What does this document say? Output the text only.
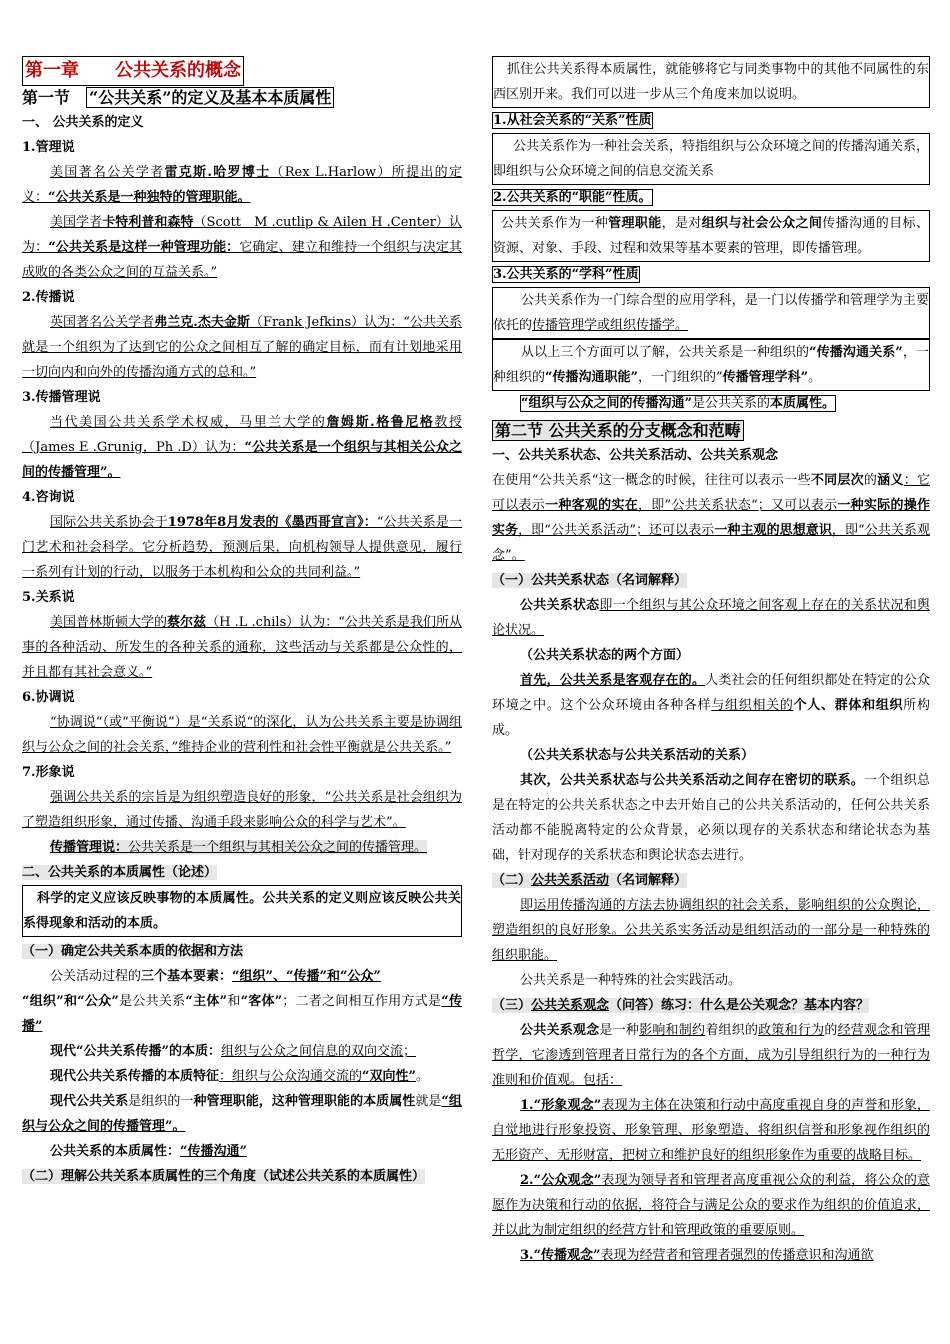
第一章　　公共关系的概念

第一节　“公共关系”的定义及基本本质属性

一、 公共关系的定义

1.管理说

美国著名公关学者雷克斯.哈罗博士（Rex L.Harlow）所提出的定义：“公共关系是一种独特的管理职能。

美国学者卡特利普和森特（Scott　M .cutlip & Ailen H .Center）认为：“公共关系是这样一种管理功能：它确定、建立和维持一个组织与决定其成败的各类公众之间的互益关系。”

2.传播说

英国著名公关学者弗兰克.杰夫金斯（Frank Jefkins）认为：“公共关系就是一个组织为了达到它的公众之间相互了解的确定目标，而有计划地采用一切向内和向外的传播沟通方式的总和。”

3.传播管理说

当代美国公共关系学术权威，马里兰大学的詹姆斯.格鲁尼格教授（James E .Grunig，Ph .D）认为：“公共关系是一个组织与其相关公众之间的传播管理”。

4.咨询说

国际公共关系协会于1978年8月发表的《墨西哥宣言》：“公共关系是一门艺术和社会科学。它分析趋势，预测后果，向机构领导人提供意见，履行一系列有计划的行动，以服务于本机构和公众的共同利益。”

5.关系说

美国普林斯顿大学的蔡尔兹（H .L .chils）认为：“公共关系是我们所从事的各种活动、所发生的各种关系的通称，这些活动与关系都是公众性的，并且都有其社会意义。”

6.协调说

“协调说“（或“平衡说”）是“关系说“的深化，认为公共关系主要是协调组织与公众之间的社会关系，”维持企业的营利性和社会性平衡就是公共关系。”

7.形象说

强调公共关系的宗旨是为组织塑造良好的形象，“公共关系是社会组织为了塑造组织形象，通过传播、沟通手段来影响公众的科学与艺术”。

传播管理说：公共关系是一个组织与其相关公众之间的传播管理。

二、公共关系的本质属性（论述）

科学的定义应该反映事物的本质属性。公共关系的定义则应该反映公共关系得现象和活动的本质。

（一）确定公共关系本质的依据和方法

公关活动过程的三个基本要素：“组织”、“传播”和“公众”

“组织”和“公众”是公共关系“主体”和“客体”；二者之间相互作用方式是“传播”

现代“公共关系传播”的本质：组织与公众之间信息的双向交流；

现代公共关系传播的本质特征：组织与公众沟通交流的“双向性”。

现代公共关系是组织的一种管理职能，这种管理职能的本质属性就是“组织与公众之间的传播管理”。

公共关系的本质属性：“传播沟通”

（二）理解公共关系本质属性的三个角度（试述公共关系的本质属性）

抓住公共关系得本质属性，就能够将它与同类事物中的其他不同属性的东西区别开来。我们可以进一步从三个角度来加以说明。

1.从社会关系的“关系”性质

公共关系作为一种社会关系，特指组织与公众环境之间的传播沟通关系，即组织与公众环境之间的信息交流关系

2.公共关系的“职能”性质。

公共关系作为一种管理职能，是对组织与社会公众之间传播沟通的目标、资源、对象、手段、过程和效果等基本要素的管理，即传播管理。

3.公共关系的“学科”性质

公共关系作为一门综合型的应用学科，是一门以传播学和管理学为主要依托的传播管理学或组织传播学。

从以上三个方面可以了解，公共关系是一种组织的“传播沟通关系”，一种组织的“传播沟通职能”，一门组织的”传播管理学科”。

“组织与公众之间的传播沟通”是公共关系的本质属性。

第二节 公共关系的分支概念和范畴

一、公共关系状态、公共关系活动、公共关系观念

在使用“公共关系“这一概念的时候，往往可以表示一些不同层次的涵义：它可以表示一种客观的实在，即”公共关系状态“；又可以表示一种实际的操作实务，即“公共关系活动”；还可以表示一种主观的思想意识，即“公共关系观念”。

（一）公共关系状态（名词解释）

公共关系状态即一个组织与其公众环境之间客观上存在的关系状况和舆论状况。

（公共关系状态的两个方面）

首先，公共关系是客观存在的。人类社会的任何组织都处在特定的公众环境之中。这个公众环境由各种各样与组织相关的个人、群体和组织所构成。

（公共关系状态与公共关系活动的关系）

其次，公共关系状态与公共关系活动之间存在密切的联系。一个组织总是在特定的公共关系状态之中去开始自己的公共关系活动的，任何公共关系活动都不能脱离特定的公众背景，必须以现存的关系状态和绪论状态为基础，针对现存的关系状态和舆论状态去进行。

（二）公共关系活动（名词解释）

即运用传播沟通的方法去协调组织的社会关系，影响组织的公众舆论，塑造组织的良好形象。公共关系实务活动是组织活动的一部分是一种特殊的组织职能。

公共关系是一种特殊的社会实践活动。

（三）公共关系观念（问答）练习：什么是公关观念？基本内容？

公共关系观念是一种影响和制约着组织的政策和行为的经营观念和管理哲学，它渗透到管理者日常行为的各个方面，成为引导组织行为的一种行为准则和价值观。包括：

1.“形象观念”表现为主体在决策和行动中高度重视自身的声誉和形象，自觉地进行形象投资、形象管理、形象塑造、将组织信誉和形象视作组织的无形资产、无形财富，把树立和维护良好的组织形象作为重要的战略目标。

2.“公众观念”表现为领导者和管理者高度重视公众的利益，将公众的意愿作为决策和行动的依据，将符合与满足公众的要求作为组织的价值追求，并以此为制定组织的经营方针和管理政策的重要原则。

3.“传播观念”表现为经营者和管理者强烈的传播意识和沟通欲
